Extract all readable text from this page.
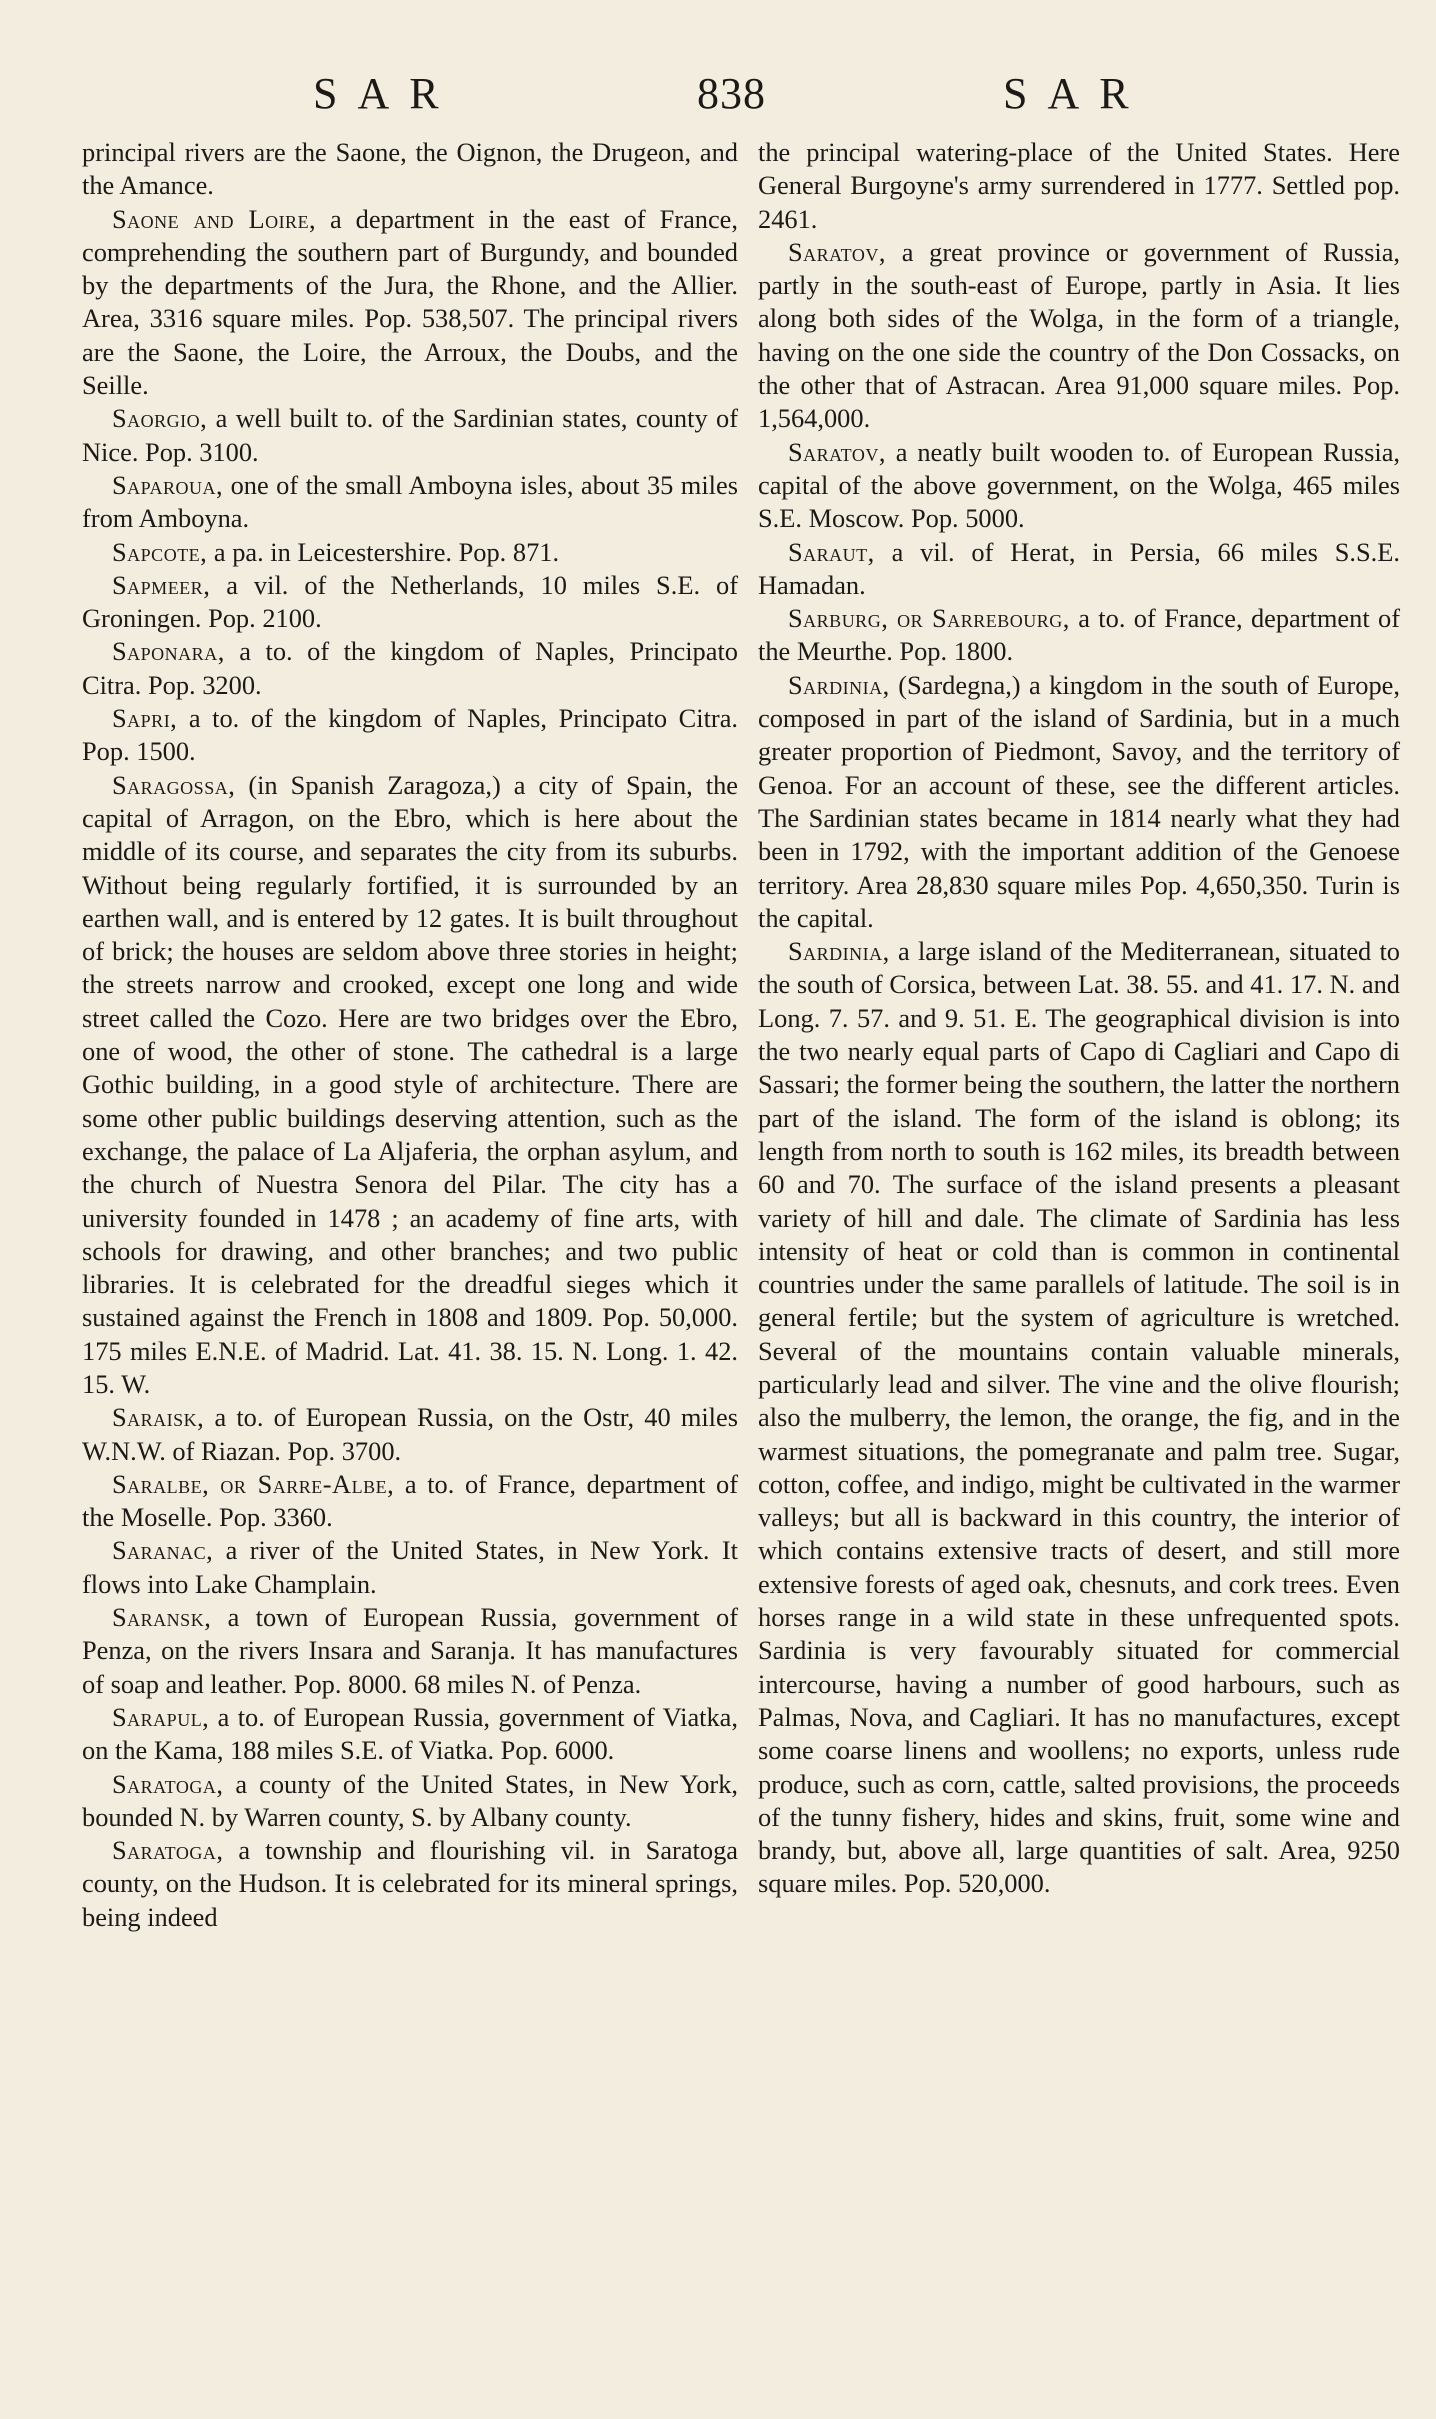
SAR	838	SAR

principal rivers are the Saone, the Oignon, the Drugeon, and the Amance.

Saone and Loire, a department in the east of France, comprehending the southern part of Burgundy, and bounded by the departments of the Jura, the Rhone, and the Allier. Area, 3316 square miles. Pop. 538,507. The principal rivers are the Saone, the Loire, the Arroux, the Doubs, and the Seille.

Saorgio, a well built to. of the Sardinian states, county of Nice. Pop. 3100.

Saparoua, one of the small Amboyna isles, about 35 miles from Amboyna.

Sapcote, a pa. in Leicestershire. Pop. 871.

Sapmeer, a vil. of the Netherlands, 10 miles S.E. of Groningen. Pop. 2100.

Saponara, a to. of the kingdom of Naples, Principato Citra. Pop. 3200.

Sapri, a to. of the kingdom of Naples, Principato Citra. Pop. 1500.

Saragossa, (in Spanish Zaragoza,) a city of Spain, the capital of Arragon, on the Ebro, which is here about the middle of its course, and separates the city from its suburbs. Without being regularly fortified, it is surrounded by an earthen wall, and is entered by 12 gates. It is built throughout of brick; the houses are seldom above three stories in height; the streets narrow and crooked, except one long and wide street called the Cozo. Here are two bridges over the Ebro, one of wood, the other of stone. The cathedral is a large Gothic building, in a good style of architecture. There are some other public buildings deserving attention, such as the exchange, the palace of La Aljaferia, the orphan asylum, and the church of Nuestra Senora del Pilar. The city has a university founded in 1478 ; an academy of fine arts, with schools for drawing, and other branches; and two public libraries. It is celebrated for the dreadful sieges which it sustained against the French in 1808 and 1809. Pop. 50,000. 175 miles E.N.E. of Madrid. Lat. 41. 38. 15. N. Long. 1. 42. 15. W.

Saraisk, a to. of European Russia, on the Ostr, 40 miles W.N.W. of Riazan. Pop. 3700.

Saralbe, or Sarre-Albe, a to. of France, department of the Moselle. Pop. 3360.

Saranac, a river of the United States, in New York. It flows into Lake Champlain.

Saransk, a town of European Russia, government of Penza, on the rivers Insara and Saranja. It has manufactures of soap and leather. Pop. 8000. 68 miles N. of Penza.

Sarapul, a to. of European Russia, government of Viatka, on the Kama, 188 miles S.E. of Viatka. Pop. 6000.

Saratoga, a county of the United States, in New York, bounded N. by Warren county, S. by Albany county.

Saratoga, a township and flourishing vil. in Saratoga county, on the Hudson. It is celebrated for its mineral springs, being indeed

the principal watering-place of the United States. Here General Burgoyne's army surrendered in 1777. Settled pop. 2461.

Saratov, a great province or government of Russia, partly in the south-east of Europe, partly in Asia. It lies along both sides of the Wolga, in the form of a triangle, having on the one side the country of the Don Cossacks, on the other that of Astracan. Area 91,000 square miles. Pop. 1,564,000.

Saratov, a neatly built wooden to. of European Russia, capital of the above government, on the Wolga, 465 miles S.E. Moscow. Pop. 5000.

Saraut, a vil. of Herat, in Persia, 66 miles S.S.E. Hamadan.

Sarburg, or Sarrebourg, a to. of France, department of the Meurthe. Pop. 1800.

Sardinia, (Sardegna,) a kingdom in the south of Europe, composed in part of the island of Sardinia, but in a much greater proportion of Piedmont, Savoy, and the territory of Genoa. For an account of these, see the different articles. The Sardinian states became in 1814 nearly what they had been in 1792, with the important addition of the Genoese territory. Area 28,830 square miles Pop. 4,650,350. Turin is the capital.

Sardinia, a large island of the Mediterranean, situated to the south of Corsica, between Lat. 38. 55. and 41. 17. N. and Long. 7. 57. and 9. 51. E. The geographical division is into the two nearly equal parts of Capo di Cagliari and Capo di Sassari; the former being the southern, the latter the northern part of the island. The form of the island is oblong; its length from north to south is 162 miles, its breadth between 60 and 70. The surface of the island presents a pleasant variety of hill and dale. The climate of Sardinia has less intensity of heat or cold than is common in continental countries under the same parallels of latitude. The soil is in general fertile; but the system of agriculture is wretched. Several of the mountains contain valuable minerals, particularly lead and silver. The vine and the olive flourish; also the mulberry, the lemon, the orange, the fig, and in the warmest situations, the pomegranate and palm tree. Sugar, cotton, coffee, and indigo, might be cultivated in the warmer valleys; but all is backward in this country, the interior of which contains extensive tracts of desert, and still more extensive forests of aged oak, chesnuts, and cork trees. Even horses range in a wild state in these unfrequented spots. Sardinia is very favourably situated for commercial intercourse, having a number of good harbours, such as Palmas, Nova, and Cagliari. It has no manufactures, except some coarse linens and woollens; no exports, unless rude produce, such as corn, cattle, salted provisions, the proceeds of the tunny fishery, hides and skins, fruit, some wine and brandy, but, above all, large quantities of salt. Area, 9250 square miles. Pop. 520,000.
